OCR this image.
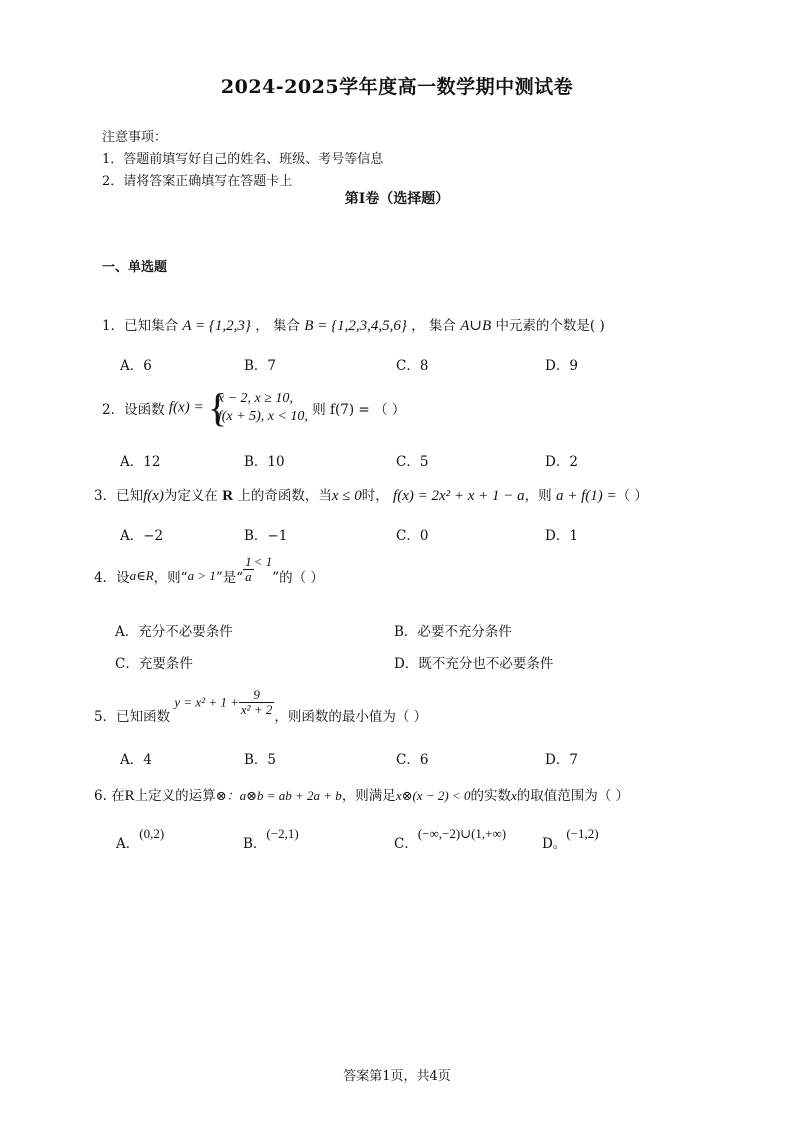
2024-2025学年度高一数学期中测试卷
注意事项：
1．答题前填写好自己的姓名、班级、考号等信息
2．请将答案正确填写在答题卡上
第Ⅰ卷（选择题）
一、单选题
1．已知集合 A = {1,2,3} ， 集合 B = {1,2,3,4,5,6} ， 集合 A∪B 中元素的个数是( )
A．6	B．7	C．8	D．9
2．设函数 f(x) = {
x − 2, x ≥ 10,
f(x + 5), x < 10, 则 f(7) = （ ）
A．12	B．10	C．5	D．2
3．已知f(x)为定义在 R 上的奇函数，当x ≤ 0时， f(x) = 2x² + x + 1 − a，则 a + f(1) =（ ）
A．−2	B．−1	C．0	D．1
4．设a∈R，则“a > 1”是“ $\frac{1}{a} < 1$”的（ ）
A．充分不必要条件	B．必要不充分条件
C．充要条件	D．既不充分也不必要条件
5．已知函数 $y = x^2 + 1 + \frac{9}{\text{x² + 2}}$ ，则函数的最小值为（ ）
A．4	B．5	C．6	D．7
6. 在R上定义的运算⊗：a⊗b = ab + 2a + b，则满足x⊗(x − 2) < 0的实数x的取值范围为（ ）
A．(0,2)
B．(−2,1)
C．(−∞,−2)∪(1,+∞)
D。(−1,2)
答案第1页，共4页
